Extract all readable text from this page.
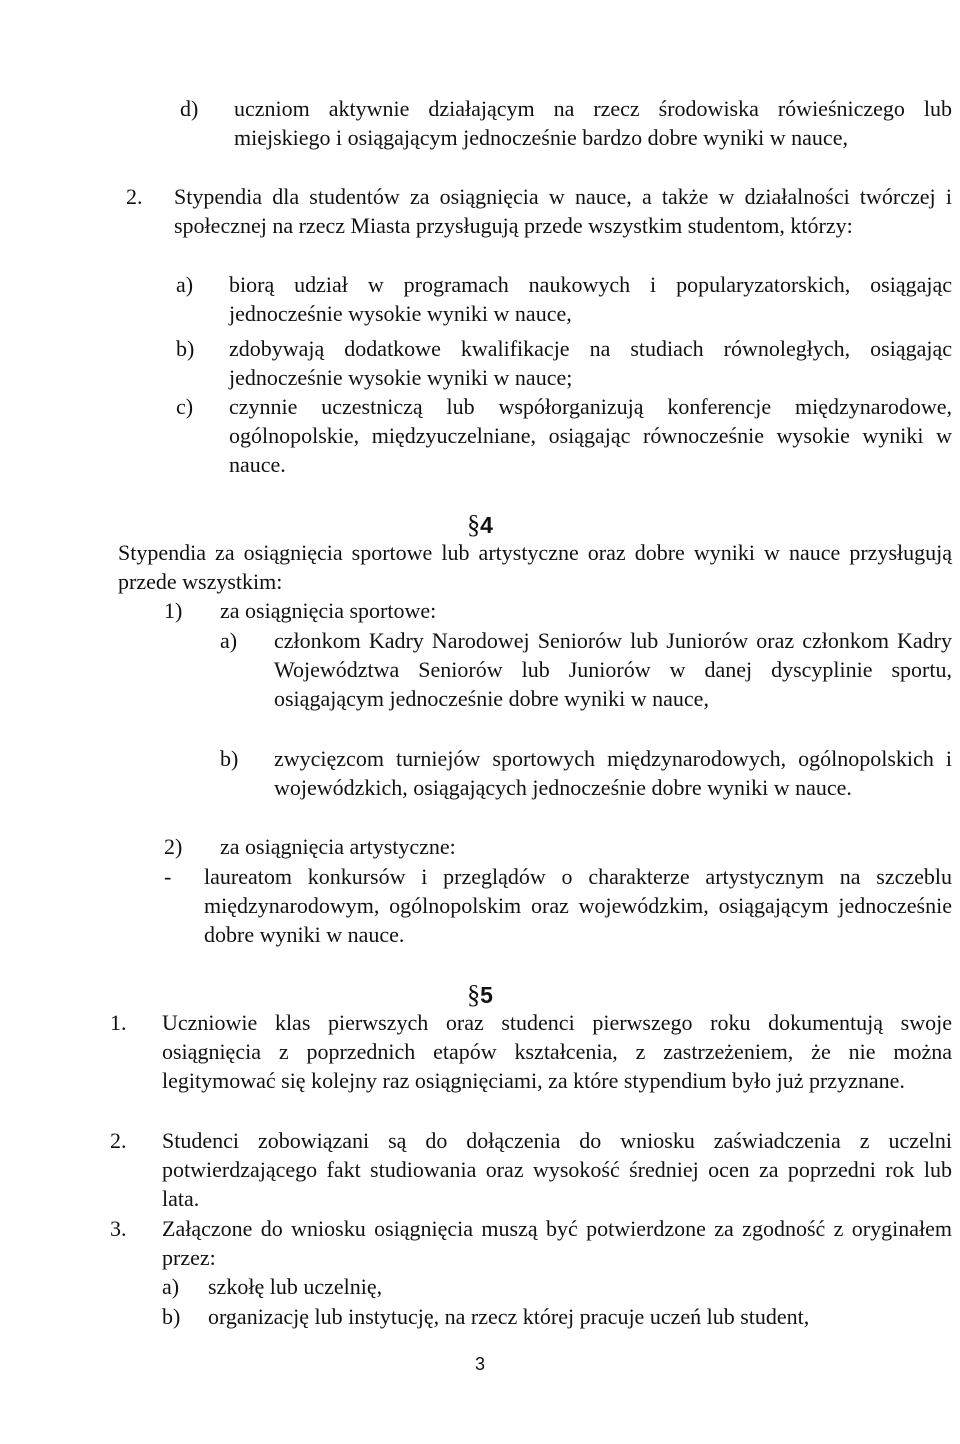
d)	uczniom aktywnie działającym na rzecz środowiska rówieśniczego lub miejskiego i osiągającym jednocześnie bardzo dobre wyniki w nauce,
2.	Stypendia dla studentów za osiągnięcia w nauce, a także w działalności twórczej i społecznej na rzecz Miasta przysługują przede wszystkim studentom, którzy:
a)	biorą udział w programach naukowych i popularyzatorskich, osiągając jednocześnie wysokie wyniki w nauce,
b)	zdobywają dodatkowe kwalifikacje na studiach równoległych, osiągając jednocześnie wysokie wyniki w nauce;
c)	czynnie uczestniczą lub współorganizują konferencje międzynarodowe, ogólnopolskie, międzyuczelniane, osiągając równocześnie wysokie wyniki w nauce.
§4
Stypendia za osiągnięcia sportowe lub artystyczne oraz dobre wyniki w nauce przysługują przede wszystkim:
1)	za osiągnięcia sportowe:
a)	członkom Kadry Narodowej Seniorów lub Juniorów oraz członkom Kadry Województwa Seniorów lub Juniorów w danej dyscyplinie sportu, osiągającym jednocześnie dobre wyniki w nauce,
b)	zwycięzcom turniejów sportowych międzynarodowych, ogólnopolskich i wojewódzkich, osiągających jednocześnie dobre wyniki w nauce.
2)	za osiągnięcia artystyczne:
-	laureatom konkursów i przeglądów o charakterze artystycznym na szczeblu międzynarodowym, ogólnopolskim oraz wojewódzkim, osiągającym jednocześnie dobre wyniki w nauce.
§5
1.	Uczniowie klas pierwszych oraz studenci pierwszego roku dokumentują swoje osiągnięcia z poprzednich etapów kształcenia, z zastrzeżeniem, że nie można legitymować się kolejny raz osiągnięciami, za które stypendium było już przyznane.
2.	Studenci zobowiązani są do dołączenia do wniosku zaświadczenia z uczelni potwierdzającego fakt studiowania oraz wysokość średniej ocen za poprzedni rok lub lata.
3.	Załączone do wniosku osiągnięcia muszą być potwierdzone za zgodność z oryginałem przez:
a)	szkołę lub uczelnię,
b)	organizację lub instytucję, na rzecz której pracuje uczeń lub student,
3
